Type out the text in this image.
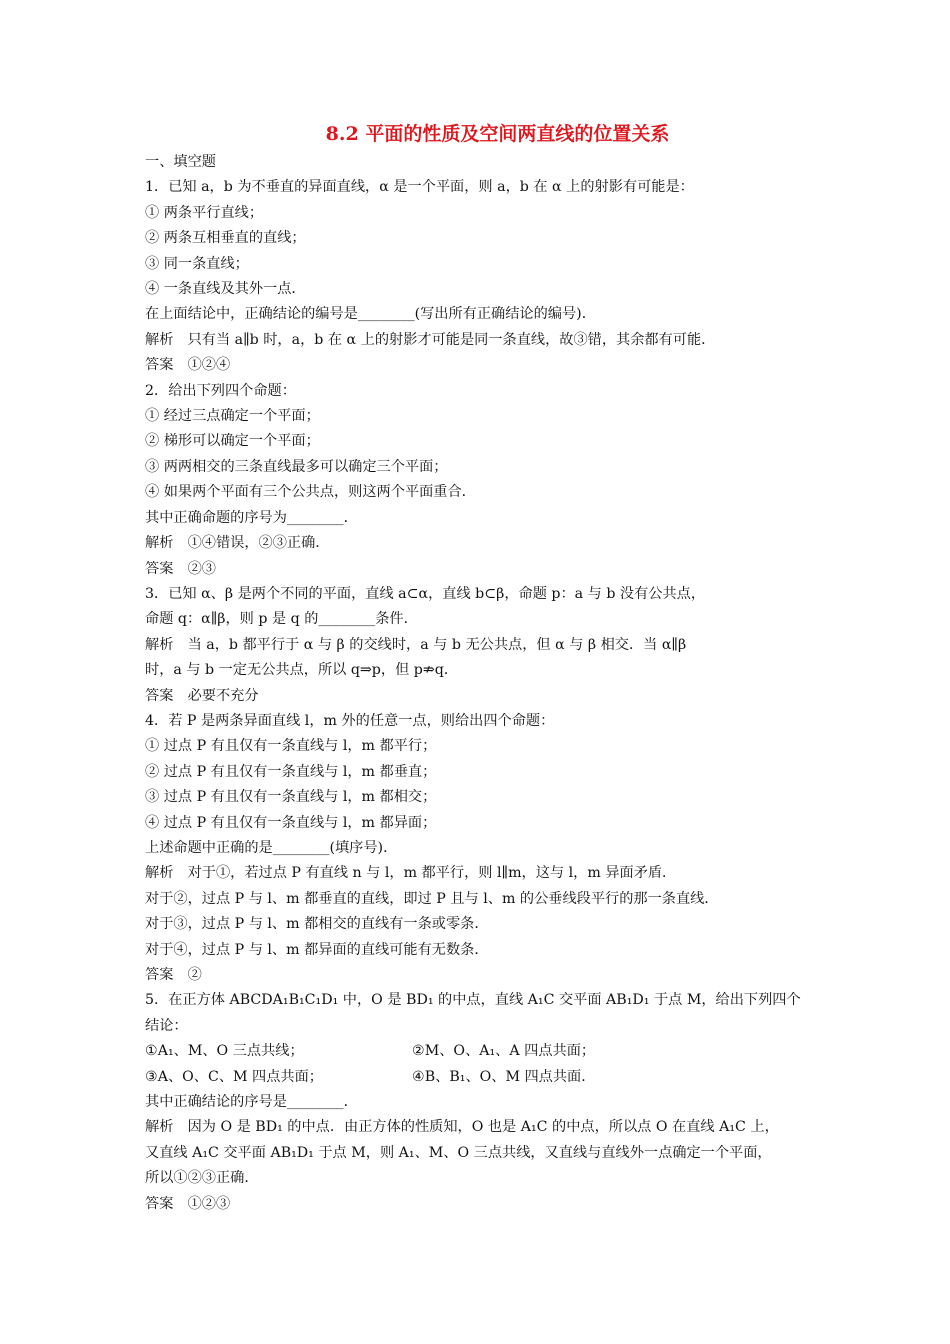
8.2 平面的性质及空间两直线的位置关系
一、填空题
1．已知 a，b 为不垂直的异面直线，α 是一个平面，则 a，b 在 α 上的射影有可能是：
① 两条平行直线；
② 两条互相垂直的直线；
③ 同一条直线；
④ 一条直线及其外一点．
在上面结论中，正确结论的编号是________(写出所有正确结论的编号)．
解析　只有当 a∥b 时，a，b 在 α 上的射影才可能是同一条直线，故③错，其余都有可能．
答案　①②④
2．给出下列四个命题：
① 经过三点确定一个平面；
② 梯形可以确定一个平面；
③ 两两相交的三条直线最多可以确定三个平面；
④ 如果两个平面有三个公共点，则这两个平面重合．
其中正确命题的序号为________．
解析　①④错误，②③正确．
答案　②③
3．已知 α、β 是两个不同的平面，直线 a⊂α，直线 b⊂β，命题 p：a 与 b 没有公共点，
命题 q：α∥β，则 p 是 q 的________条件．
解析　当 a，b 都平行于 α 与 β 的交线时，a 与 b 无公共点，但 α 与 β 相交．当 α∥β
时，a 与 b 一定无公共点，所以 q⇒p，但 p⇏q．
答案　必要不充分
4．若 P 是两条异面直线 l，m 外的任意一点，则给出四个命题：
① 过点 P 有且仅有一条直线与 l，m 都平行；
② 过点 P 有且仅有一条直线与 l，m 都垂直；
③ 过点 P 有且仅有一条直线与 l，m 都相交；
④ 过点 P 有且仅有一条直线与 l，m 都异面；
上述命题中正确的是________(填序号)．
解析　对于①，若过点 P 有直线 n 与 l，m 都平行，则 l∥m，这与 l，m 异面矛盾．
对于②，过点 P 与 l、m 都垂直的直线，即过 P 且与 l、m 的公垂线段平行的那一条直线．
对于③，过点 P 与 l、m 都相交的直线有一条或零条．
对于④，过点 P 与 l、m 都异面的直线可能有无数条．
答案　②
5．在正方体 ABCDA₁B₁C₁D₁ 中，O 是 BD₁ 的中点，直线 A₁C 交平面 AB₁D₁ 于点 M，给出下列四个
结论：
①A₁、M、O 三点共线；	②M、O、A₁、A 四点共面；
③A、O、C、M 四点共面；	④B、B₁、O、M 四点共面．
其中正确结论的序号是________．
解析　因为 O 是 BD₁ 的中点．由正方体的性质知，O 也是 A₁C 的中点，所以点 O 在直线 A₁C 上，
又直线 A₁C 交平面 AB₁D₁ 于点 M，则 A₁、M、O 三点共线，又直线与直线外一点确定一个平面，
所以①②③正确．
答案　①②③
